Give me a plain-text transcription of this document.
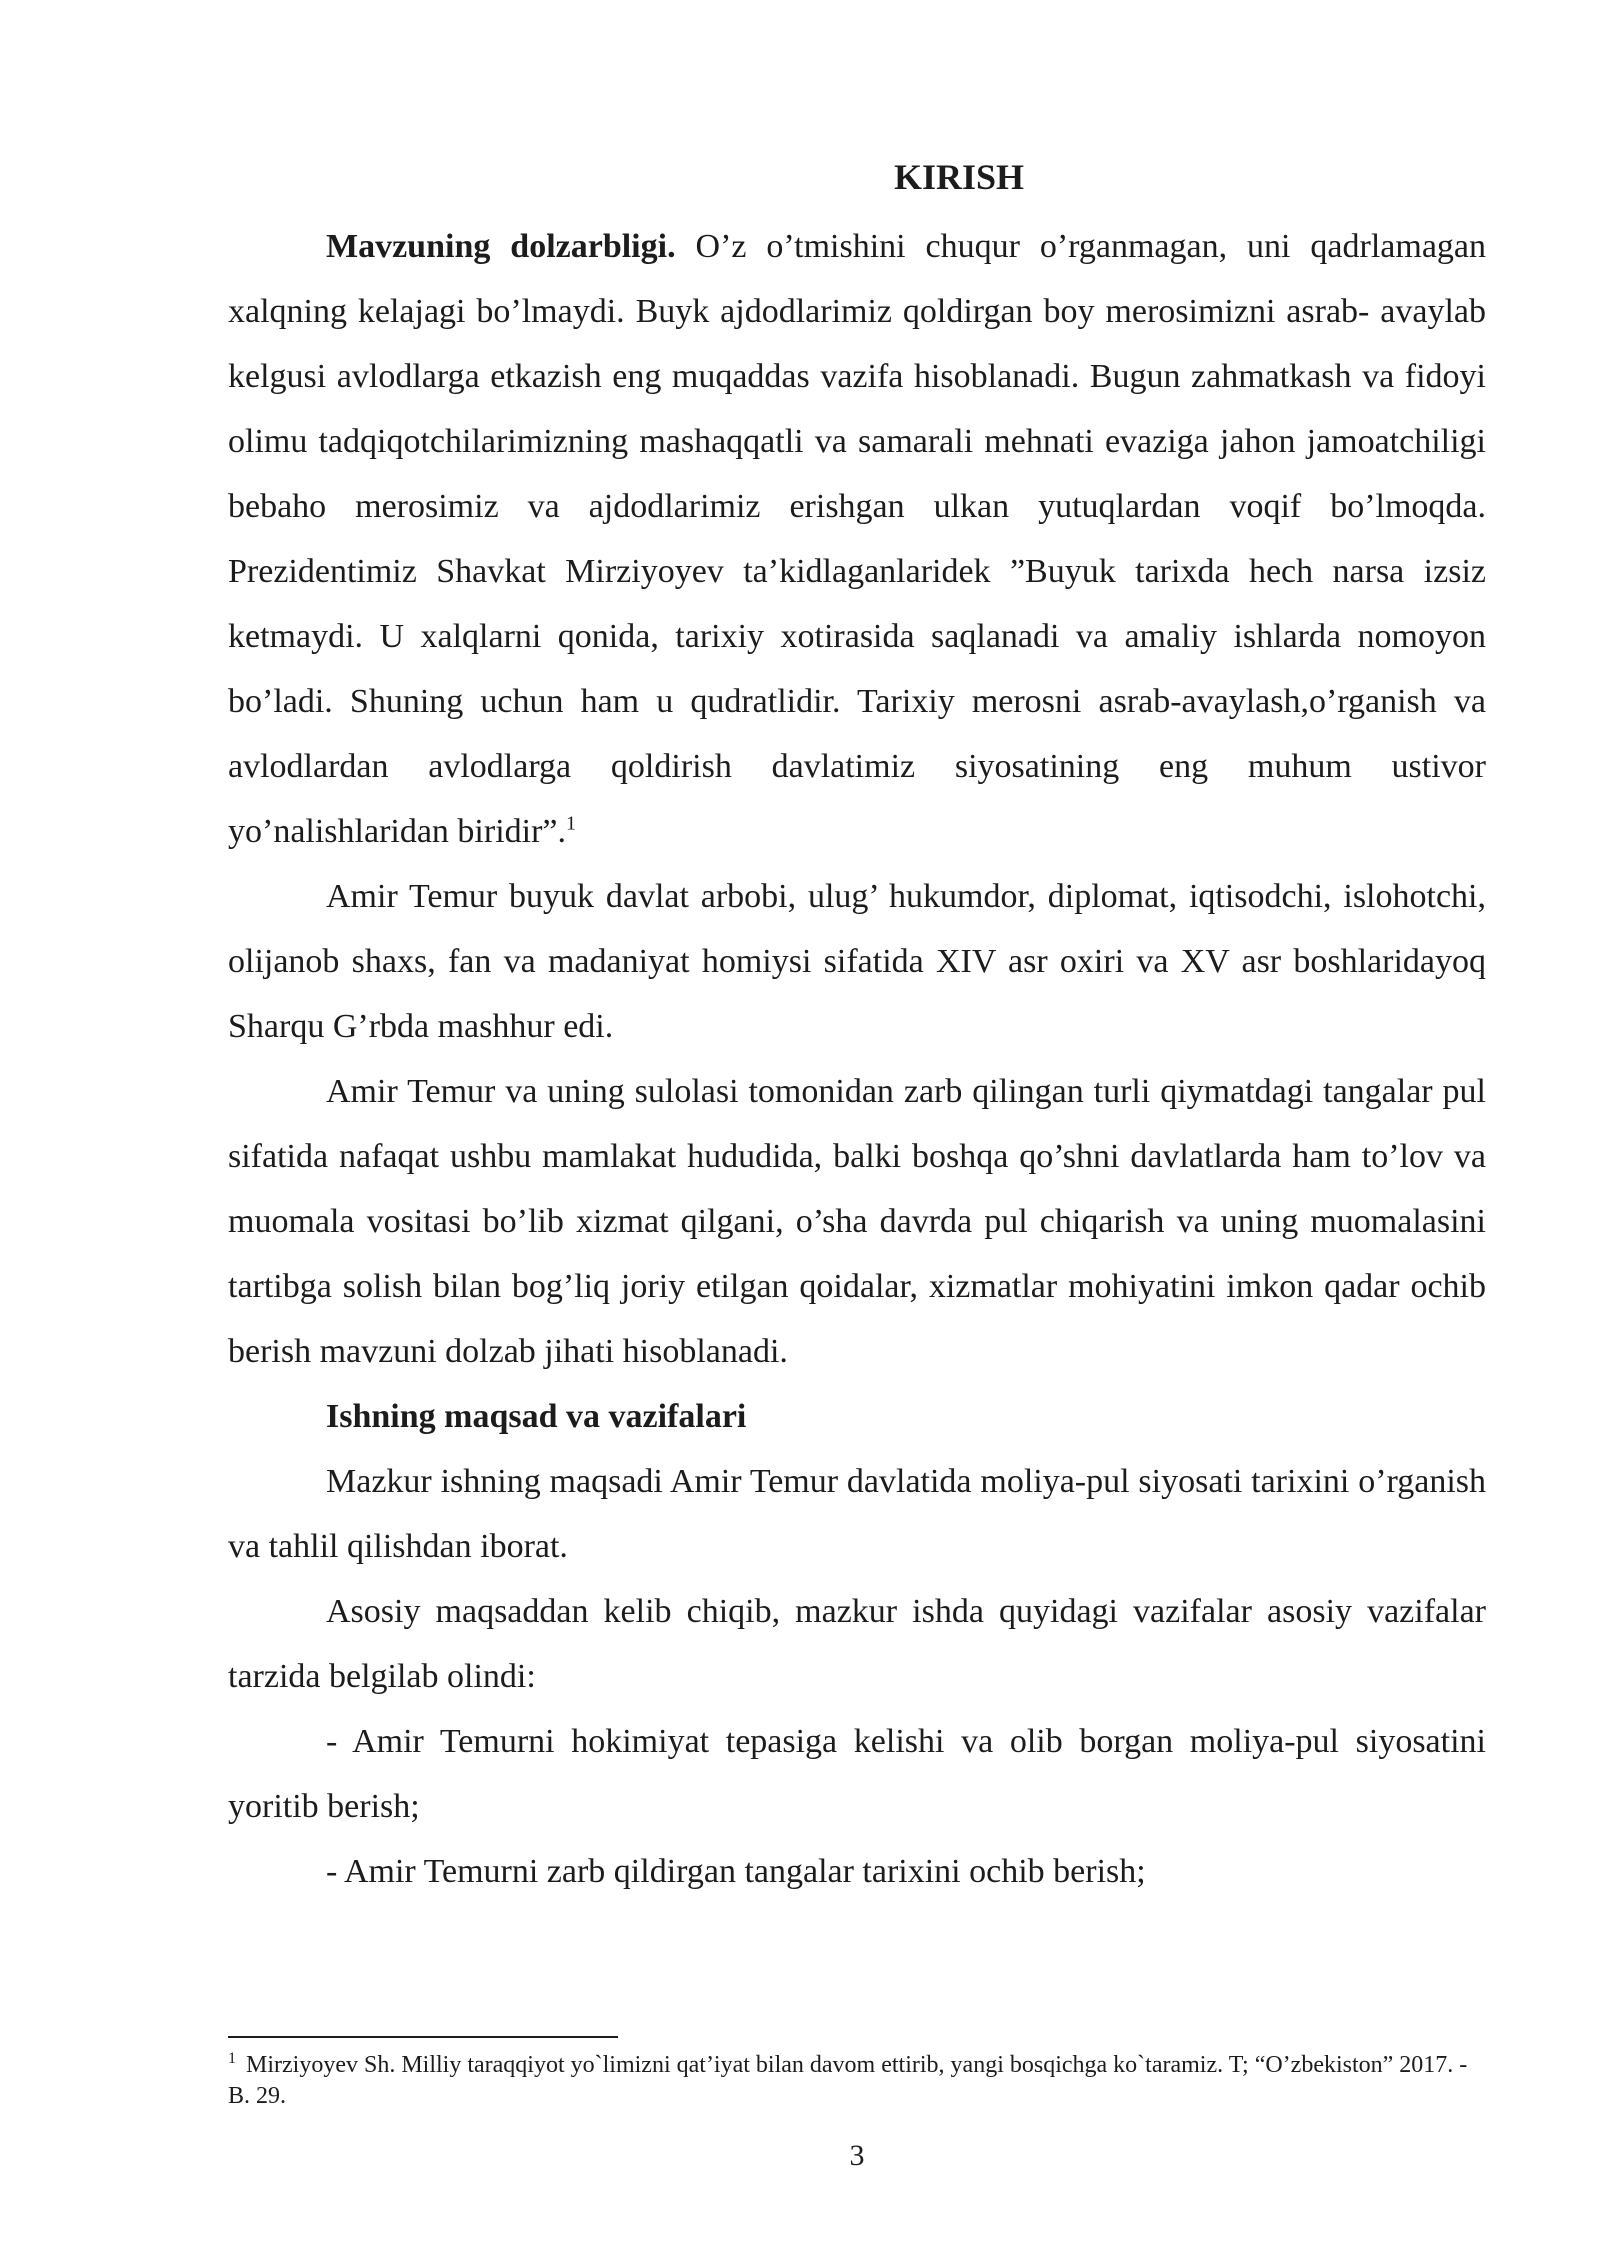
KIRISH

Mavzuning dolzarbligi. O’z o’tmishini chuqur o’rganmagan, uni qadrlamagan xalqning kelajagi bo’lmaydi. Buyk ajdodlarimiz qoldirgan boy merosimizni asrab- avaylab kelgusi avlodlarga etkazish eng muqaddas vazifa hisoblanadi. Bugun zahmatkash va fidoyi olimu tadqiqotchilarimizning mashaqqatli va samarali mehnati evaziga jahon jamoatchiligi bebaho merosimiz va ajdodlarimiz erishgan ulkan yutuqlardan voqif bo’lmoqda. Prezidentimiz Shavkat Mirziyoyev ta’kidlaganlaridek ”Buyuk tarixda hech narsa izsiz ketmaydi. U xalqlarni qonida, tarixiy xotirasida saqlanadi va amaliy ishlarda nomoyon bo’ladi. Shuning uchun ham u qudratlidir. Tarixiy merosni asrab-avaylash,o’rganish va avlodlardan avlodlarga qoldirish davlatimiz siyosatining eng muhum ustivor yo’nalishlaridan biridir”.$^1$

Amir Temur buyuk davlat arbobi, ulug’ hukumdor, diplomat, iqtisodchi, islohotchi, olijanob shaxs, fan va madaniyat homiysi sifatida XIV asr oxiri va XV asr boshlaridayoq Sharqu G’rbda mashhur edi.

Amir Temur va uning sulolasi tomonidan zarb qilingan turli qiymatdagi tangalar pul sifatida nafaqat ushbu mamlakat hududida, balki boshqa qo’shni davlatlarda ham to’lov va muomala vositasi bo’lib xizmat qilgani, o’sha davrda pul chiqarish va uning muomalasini tartibga solish bilan bog’liq joriy etilgan qoidalar, xizmatlar mohiyatini imkon qadar ochib berish mavzuni dolzab jihati hisoblanadi.

Ishning maqsad va vazifalari

Mazkur ishning maqsadi Amir Temur davlatida moliya-pul siyosati tarixini o’rganish va tahlil qilishdan iborat.

Asosiy maqsaddan kelib chiqib, mazkur ishda quyidagi vazifalar asosiy vazifalar tarzida belgilab olindi:

- Amir Temurni hokimiyat tepasiga kelishi va olib borgan moliya-pul siyosatini yoritib berish;

- Amir Temurni zarb qildirgan tangalar tarixini ochib berish;

$^1$ Mirziyoyev Sh. Milliy taraqqiyot yo`limizni qat’iyat bilan davom ettirib, yangi bosqichga ko`taramiz. T; “O’zbekiston” 2017. -B. 29.

3
